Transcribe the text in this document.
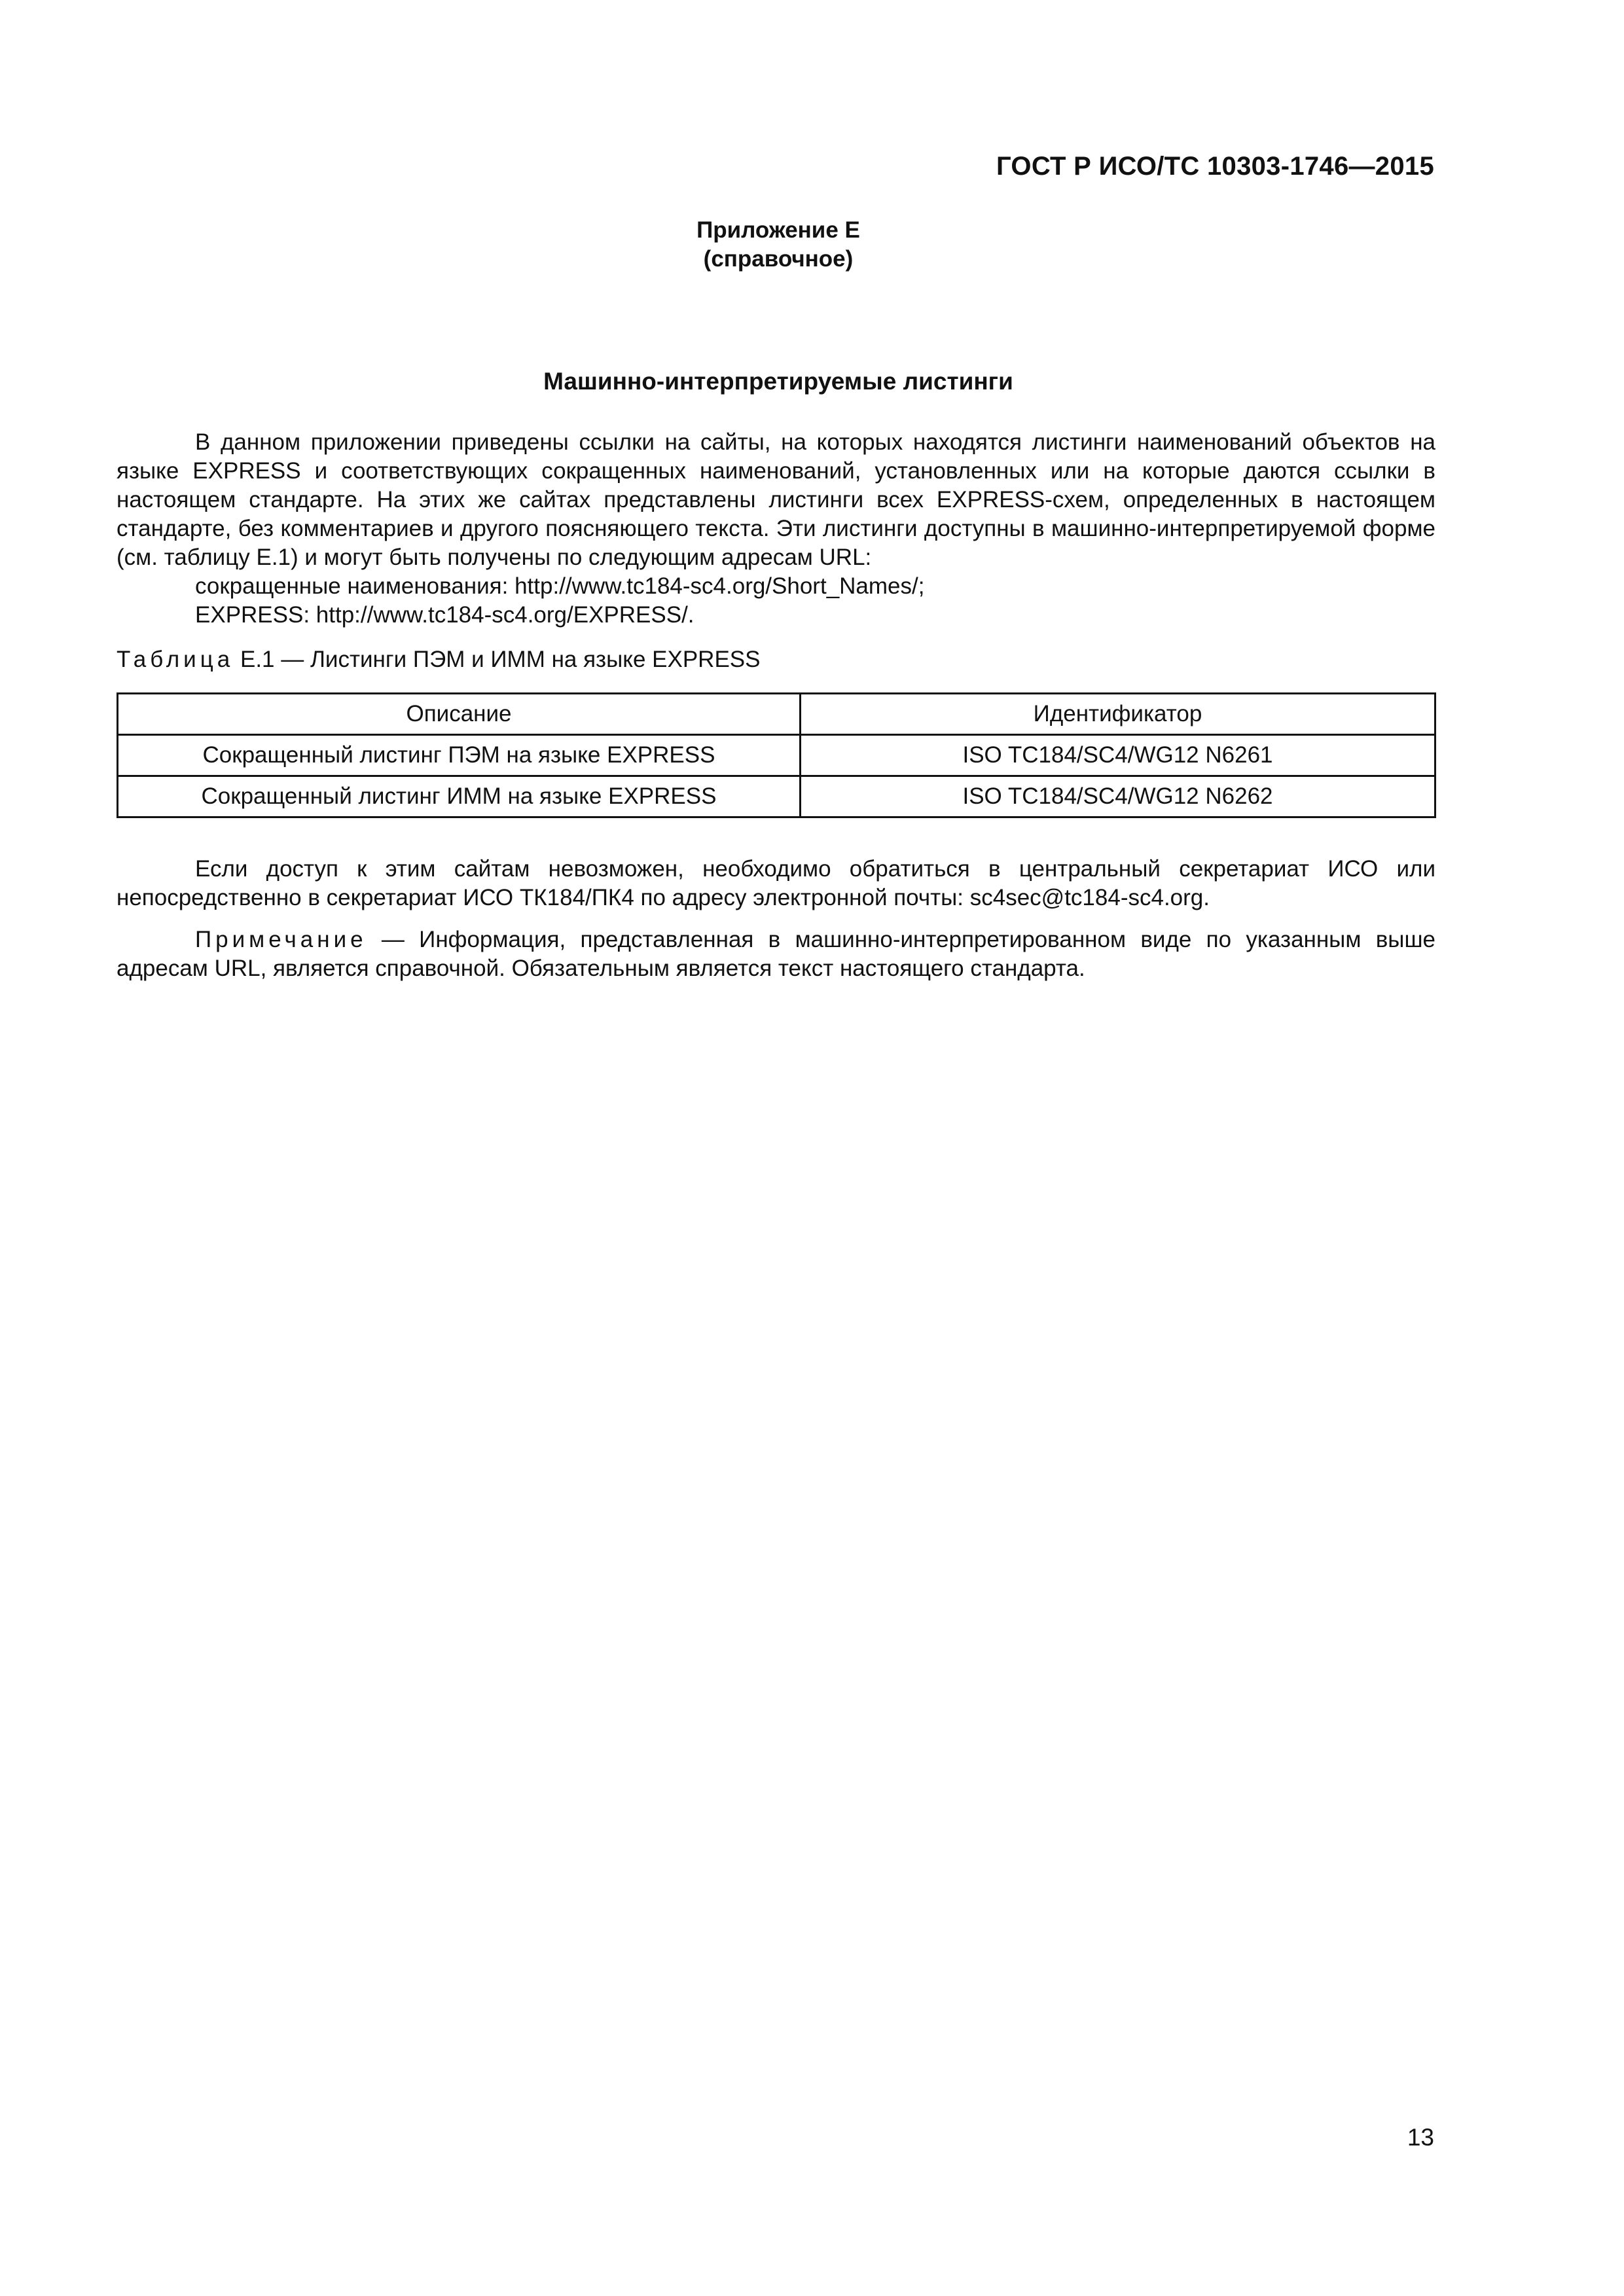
ГОСТ Р ИСО/ТС 10303-1746—2015
Приложение E
(справочное)
Машинно-интерпретируемые листинги

В данном приложении приведены ссылки на сайты, на которых находятся листинги наименований объектов на языке EXPRESS и соответствующих сокращенных наименований, установленных или на которые даются ссылки в настоящем стандарте. На этих же сайтах представлены листинги всех EXPRESS-схем, определенных в настоящем стандарте, без комментариев и другого поясняющего текста. Эти листинги доступны в машинно-интерпретируемой форме (см. таблицу E.1) и могут быть получены по следующим адресам URL:

сокращенные наименования: http://www.tc184-sc4.org/Short_Names/;

EXPRESS: http://www.tc184-sc4.org/EXPRESS/.

Таблица E.1 — Листинги ПЭМ и ИММ на языке EXPRESS
Описание	Идентификатор
Сокращенный листинг ПЭМ на языке EXPRESS	ISO TC184/SC4/WG12 N6261
Сокращенный листинг ИММ на языке EXPRESS	ISO TC184/SC4/WG12 N6262

Если доступ к этим сайтам невозможен, необходимо обратиться в центральный секретариат ИСО или непосредственно в секретариат ИСО ТК184/ПК4 по адресу электронной почты: sc4sec@tc184-sc4.org.

Примечание — Информация, представленная в машинно-интерпретированном виде по указанным выше адресам URL, является справочной. Обязательным является текст настоящего стандарта.

13
